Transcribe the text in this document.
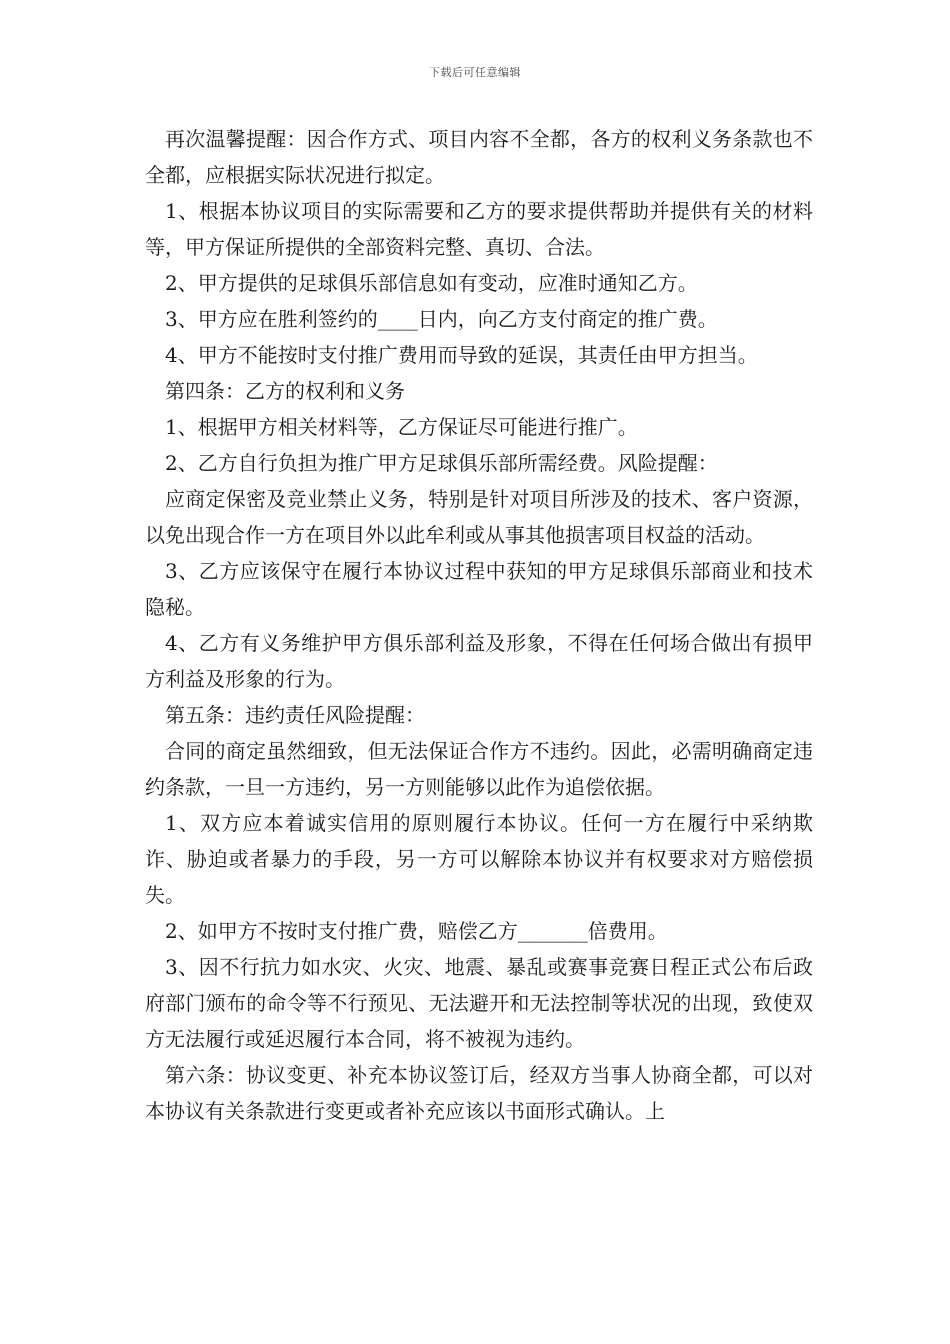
下载后可任意编辑

再次温馨提醒：因合作方式、项目内容不全都，各方的权利义务条款也不全都，应根据实际状况进行拟定。

1、根据本协议项目的实际需要和乙方的要求提供帮助并提供有关的材料等，甲方保证所提供的全部资料完整、真切、合法。

2、甲方提供的足球俱乐部信息如有变动，应准时通知乙方。

3、甲方应在胜利签约的____日内，向乙方支付商定的推广费。

4、甲方不能按时支付推广费用而导致的延误，其责任由甲方担当。

第四条：乙方的权利和义务

1、根据甲方相关材料等，乙方保证尽可能进行推广。

2、乙方自行负担为推广甲方足球俱乐部所需经费。风险提醒：

应商定保密及竞业禁止义务，特别是针对项目所涉及的技术、客户资源，以免出现合作一方在项目外以此牟利或从事其他损害项目权益的活动。

3、乙方应该保守在履行本协议过程中获知的甲方足球俱乐部商业和技术隐秘。

4、乙方有义务维护甲方俱乐部利益及形象，不得在任何场合做出有损甲方利益及形象的行为。

第五条：违约责任风险提醒：

合同的商定虽然细致，但无法保证合作方不违约。因此，必需明确商定违约条款，一旦一方违约，另一方则能够以此作为追偿依据。

1、双方应本着诚实信用的原则履行本协议。任何一方在履行中采纳欺诈、胁迫或者暴力的手段，另一方可以解除本协议并有权要求对方赔偿损失。

2、如甲方不按时支付推广费，赔偿乙方_______倍费用。

3、因不行抗力如水灾、火灾、地震、暴乱或赛事竞赛日程正式公布后政府部门颁布的命令等不行预见、无法避开和无法控制等状况的出现，致使双方无法履行或延迟履行本合同，将不被视为违约。

第六条：协议变更、补充本协议签订后，经双方当事人协商全都，可以对本协议有关条款进行变更或者补充应该以书面形式确认。上
